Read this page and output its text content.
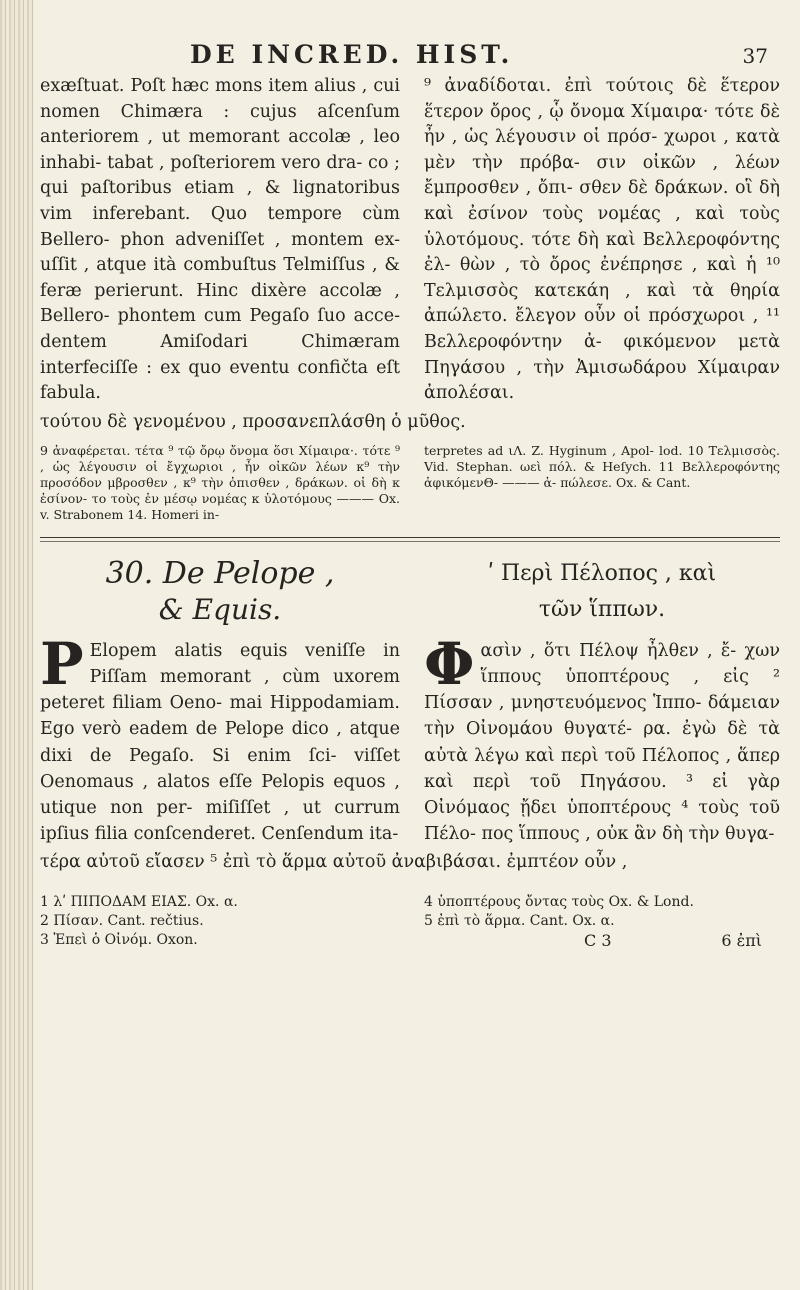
DE INCRED. HIST.	37

exæſtuat. Poſt hæc mons item alius , cui nomen Chimæra : cujus aſcenſum anteriorem , ut memorant accolæ , leo inhabi- tabat , poſteriorem vero dra- co ; qui paſtoribus etiam , & lignatoribus vim inferebant. Quo tempore cùm Bellero- phon adveniſſet , montem ex- uſſit , atque ità combuſtus Telmiſſus , & feræ perierunt. Hinc dixère accolæ , Bellero- phontem cum Pegaſo ſuo acce- dentem Amiſodari Chimæram interfeciſſe : ex quo eventu confičta eſt fabula.

⁹ ἀναδίδοται. ἐπὶ τούτοις δὲ ἕτερον ἕτερον ὄρος , ᾧ ὄνομα Χίμαιρα· τότε δὲ ἦν , ὡς λέγουσιν οἱ πρόσ- χωροι , κατὰ μὲν τὴν πρόβα- σιν οἰκῶν , λέων ἔμπροσθεν , ὄπι- σθεν δὲ δράκων. οἳ δὴ καὶ ἐσίνον τοὺς νομέας , καὶ τοὺς ὑλοτόμους. τότε δὴ καὶ Βελλεροφόντης ἐλ- θὼν , τὸ ὄρος ἐνέπρησε , καὶ ἡ ¹⁰ Τελμισσὸς κατεκάη , καὶ τὰ θηρία ἀπώλετο. ἔλεγον οὖν οἱ πρόσχωροι , ¹¹ Βελλεροφόντην ἀ- φικόμενον μετὰ Πηγάσου , τὴν Ἀμισωδάρου Χίμαιραν ἀπολέσαι.

τούτου δὲ γενομένου , προσανεπλάσθη ὁ μῦθος.

9 ἀναφέρεται. τέτα ⁹ τῷ ὄρῳ ὄνομα ὅσι Χίμαιρα·. τότε ⁹ , ὡς λέγουσιν οἱ ἔγχωριοι , ἦν οἰκῶν λέων κ⁹ τὴν προσόδον μβροσθεν , κ⁹ τὴν ὀπισθεν , δράκων. οἱ δὴ κ ἐσίνον- το τοὺς ἐν μέσῳ νομέας κ ὑλοτόμους ——— Ox. v. Strabonem 14. Homeri in-

terpretes ad ιΛ. Z. Hyginum , Apol- lod. 10 Τελμισσὸς. Vid. Stephan. ωεὶ πόλ. & Heſych. 11 Βελλεροφόντης ἀφικόμενΘ- ——— ἀ- πώλεσε. Ox. & Cant.

30. De Pelope ,
& Equis.
P Elopem alatis equis veniſſe in Piſſam memorant , cùm uxorem peteret filiam Oeno- mai Hippodamiam. Ego verò eadem de Pelope dico , atque dixi de Pegaſo. Si enim ſci- viſſet Oenomaus , alatos eſſe Pelopis equos , utique non per- miſiſſet , ut currum ipſius filia conſcenderet. Cenſendum ita-
ʹ Περὶ Πέλοπος , καὶ
τῶν ἵππων.
Φ ασὶν , ὅτι Πέλοψ ἦλθεν , ἔ- χων ἵππους ὑποπτέρους , εἰς ² Πίσσαν , μνηστευόμενος Ἱππο- δάμειαν τὴν Οἰνομάου θυγατέ- ρα. ἐγὼ δὲ τὰ αὐτὰ λέγω καὶ περὶ τοῦ Πέλοπος , ἅπερ καὶ περὶ τοῦ Πηγάσου. ³ εἰ γὰρ Οἰνόμαος ᾔδει ὑποπτέρους ⁴ τοὺς τοῦ Πέλο- πος ἵππους , οὐκ ἂν δὴ τὴν θυγα-
τέρα αὐτοῦ εἴασεν ⁵ ἐπὶ τὸ ἅρμα αὐτοῦ ἀναβιβάσαι. ἐμπτέον οὖν ,

1 λʹ ΠΙΠΟΔΑΜ ΕΙΑΣ. Ox. α.

2 Πίσαν. Cant. rečtius.

3 Ἐπεὶ ὁ Οἰνόμ. Oxon.

4 ὑποπτέρους ὄντας τοὺς Ox. & Lond.

5 ἐπὶ τὸ ἅρμα. Cant. Ox. α.

C 3	6 ἐπὶ
